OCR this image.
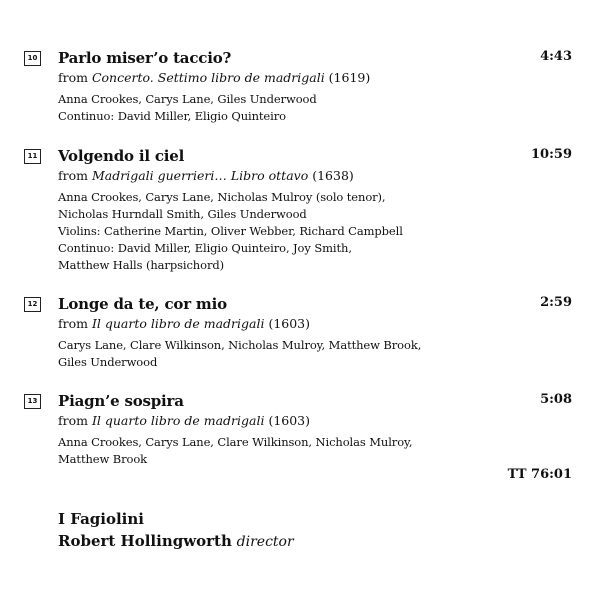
10 Parlo miser’o taccio?	4:43
from Concerto. Settimo libro de madrigali (1619)
Anna Crookes, Carys Lane, Giles Underwood
Continuo: David Miller, Eligio Quinteiro
11 Volgendo il ciel	10:59
from Madrigali guerrieri… Libro ottavo (1638)
Anna Crookes, Carys Lane, Nicholas Mulroy (solo tenor),
Nicholas Hurndall Smith, Giles Underwood
Violins: Catherine Martin, Oliver Webber, Richard Campbell
Continuo: David Miller, Eligio Quinteiro, Joy Smith,
Matthew Halls (harpsichord)
12 Longe da te, cor mio	2:59
from Il quarto libro de madrigali (1603)
Carys Lane, Clare Wilkinson, Nicholas Mulroy, Matthew Brook,
Giles Underwood
13 Piagn’e sospira	5:08
from Il quarto libro de madrigali (1603)
Anna Crookes, Carys Lane, Clare Wilkinson, Nicholas Mulroy,
Matthew Brook
TT 76:01
I Fagiolini
Robert Hollingworth director
